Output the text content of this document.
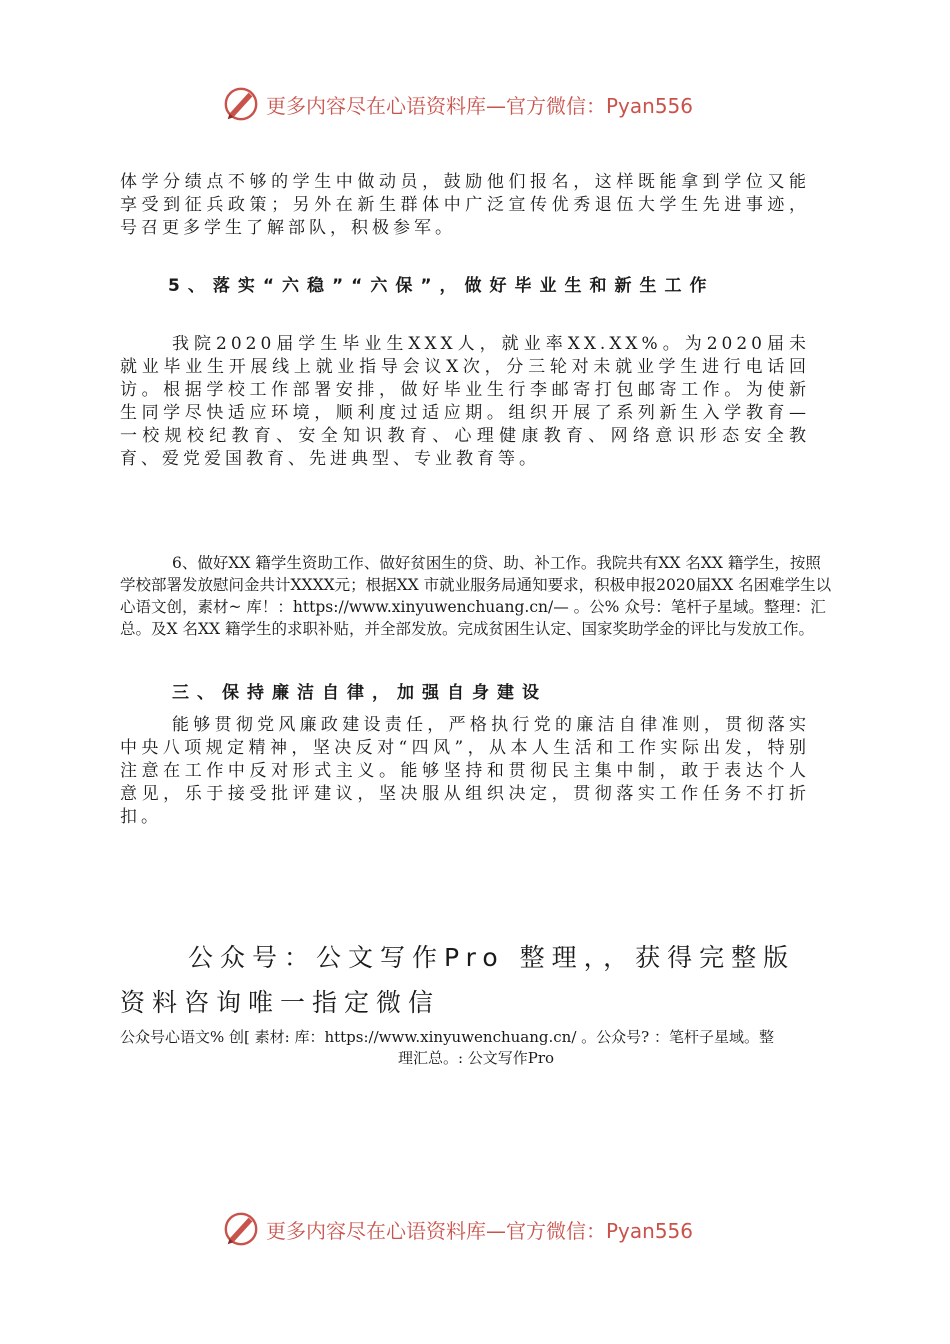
更多内容尽在心语资料库—官方微信：Pyan556

体学分绩点不够的学生中做动员，鼓励他们报名，这样既能拿到学位又能享受到征兵政策；另外在新生群体中广泛宣传优秀退伍大学生先进事迹，号召更多学生了解部队，积极参军。

5、落实“六稳”“六保”，做好毕业生和新生工作

我院2020届学生毕业生XXX人，就业率XX.XX%。为2020届未就业毕业生开展线上就业指导会议X次，分三轮对未就业学生进行电话回访。根据学校工作部署安排，做好毕业生行李邮寄打包邮寄工作。为使新生同学尽快适应环境，顺利度过适应期。组织开展了系列新生入学教育—一校规校纪教育、安全知识教育、心理健康教育、网络意识形态安全教育、爱党爱国教育、先进典型、专业教育等。

6、做好XX 籍学生资助工作、做好贫困生的贷、助、补工作。我院共有XX 名XX 籍学生，按照学校部署发放慰问金共计XXXX元；根据XX 市就业服务局通知要求，积极申报2020届XX 名困难学生以心语文创，素材~ 库！：https://www.xinyuwenchuang.cn/— 。公% 众号：笔杆子星域。整理：汇总。及X 名XX 籍学生的求职补贴，并全部发放。完成贫困生认定、国家奖助学金的评比与发放工作。

三、保持廉洁自律，加强自身建设

能够贯彻党风廉政建设责任，严格执行党的廉洁自律准则，贯彻落实中央八项规定精神，坚决反对“四风”，从本人生活和工作实际出发，特别注意在工作中反对形式主义。能够坚持和贯彻民主集中制，敢于表达个人意见，乐于接受批评建议，坚决服从组织决定，贯彻落实工作任务不打折扣。

公众号：公文写作Pro 整理，，获得完整版
资料咨询唯一指定微信
公众号心语文% 创[ 素材: 库：https://www.xinyuwenchuang.cn/ 。公众号? ：笔杆子星域。整
理汇总。: 公文写作Pro
更多内容尽在心语资料库—官方微信：Pyan556
